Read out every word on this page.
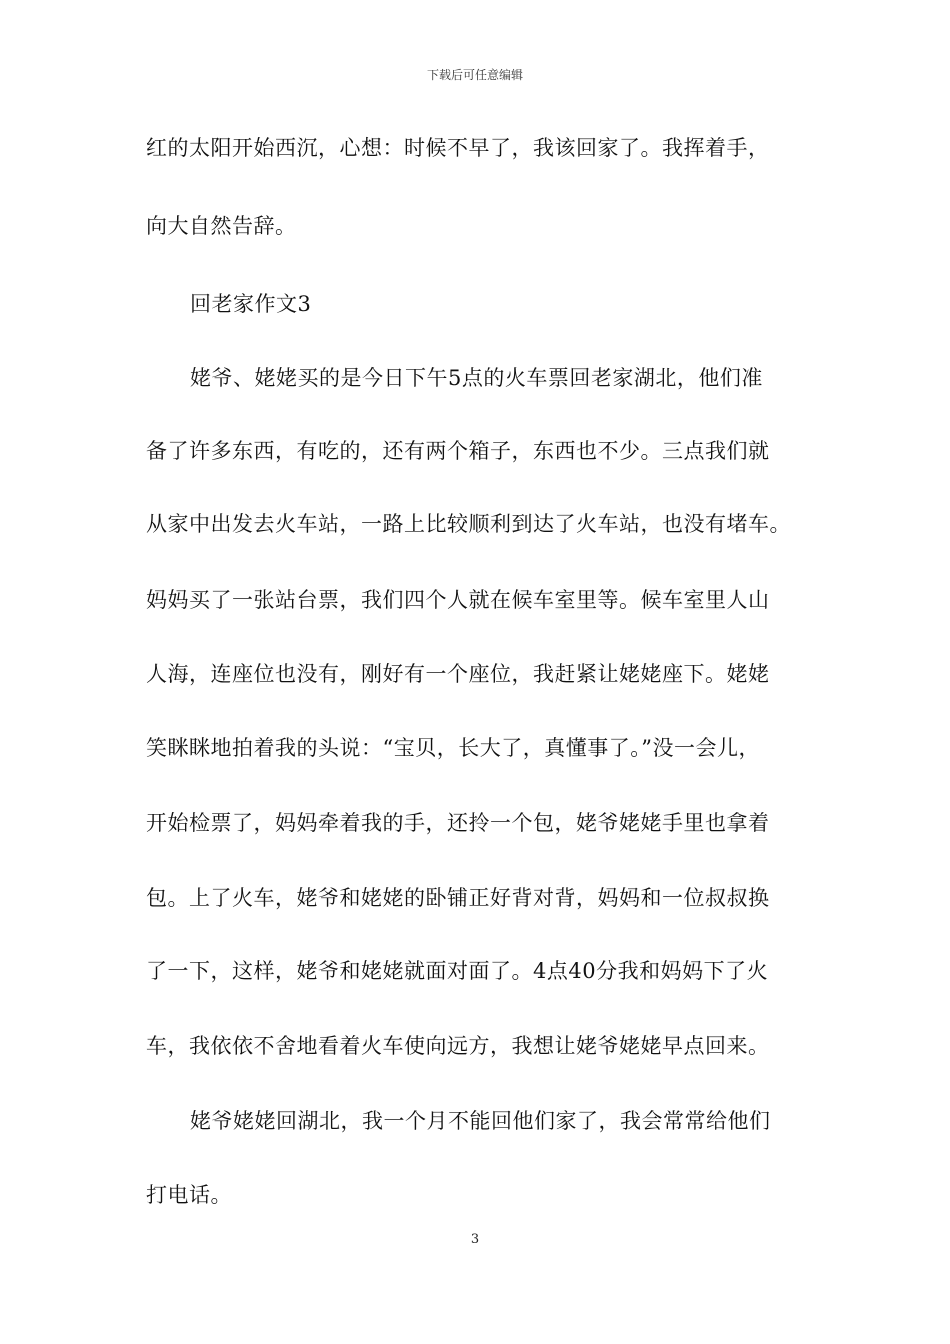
下载后可任意编辑
红的太阳开始西沉，心想：时候不早了，我该回家了。我挥着手，
向大自然告辞。
回老家作文3
姥爷、姥姥买的是今日下午5点的火车票回老家湖北，他们准
备了许多东西，有吃的，还有两个箱子，东西也不少。三点我们就
从家中出发去火车站，一路上比较顺利到达了火车站，也没有堵车。
妈妈买了一张站台票，我们四个人就在候车室里等。候车室里人山
人海，连座位也没有，刚好有一个座位，我赶紧让姥姥座下。姥姥
笑眯眯地拍着我的头说：“宝贝，长大了，真懂事了。”没一会儿，
开始检票了，妈妈牵着我的手，还拎一个包，姥爷姥姥手里也拿着
包。上了火车，姥爷和姥姥的卧铺正好背对背，妈妈和一位叔叔换
了一下，这样，姥爷和姥姥就面对面了。4点40分我和妈妈下了火
车，我依依不舍地看着火车使向远方，我想让姥爷姥姥早点回来。
姥爷姥姥回湖北，我一个月不能回他们家了，我会常常给他们
打电话。
3
